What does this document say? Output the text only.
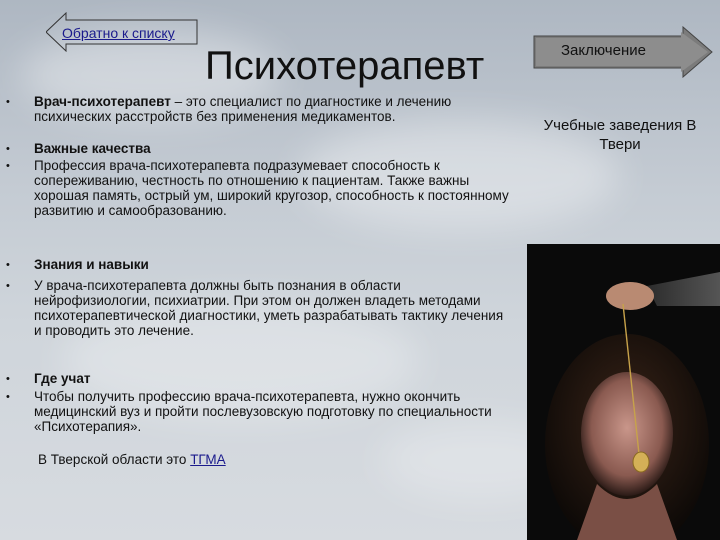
Обратно к списку
Психотерапевт	Заключение
Учебные заведения В Твери
• Врач-психотерапевт – это специалист по диагностике и лечению психических расстройств без применения медикаментов.
• Важные качества
• Профессия врача-психотерапевта подразумевает способность к сопереживанию, честность по отношению к пациентам. Также важны хорошая память, острый ум, широкий кругозор, способность к постоянному развитию и самообразованию.
• Знания и навыки
• У врача-психотерапевта должны быть познания в области нейрофизиологии, психиатрии. При этом он должен владеть методами психотерапевтической диагностики, уметь разрабатывать тактику лечения и проводить это лечение.
• Где учат
• Чтобы получить профессию врача-психотерапевта, нужно окончить медицинский вуз и пройти послевузовскую подготовку по специальности «Психотерапия».
В Тверской области это ТГМА
